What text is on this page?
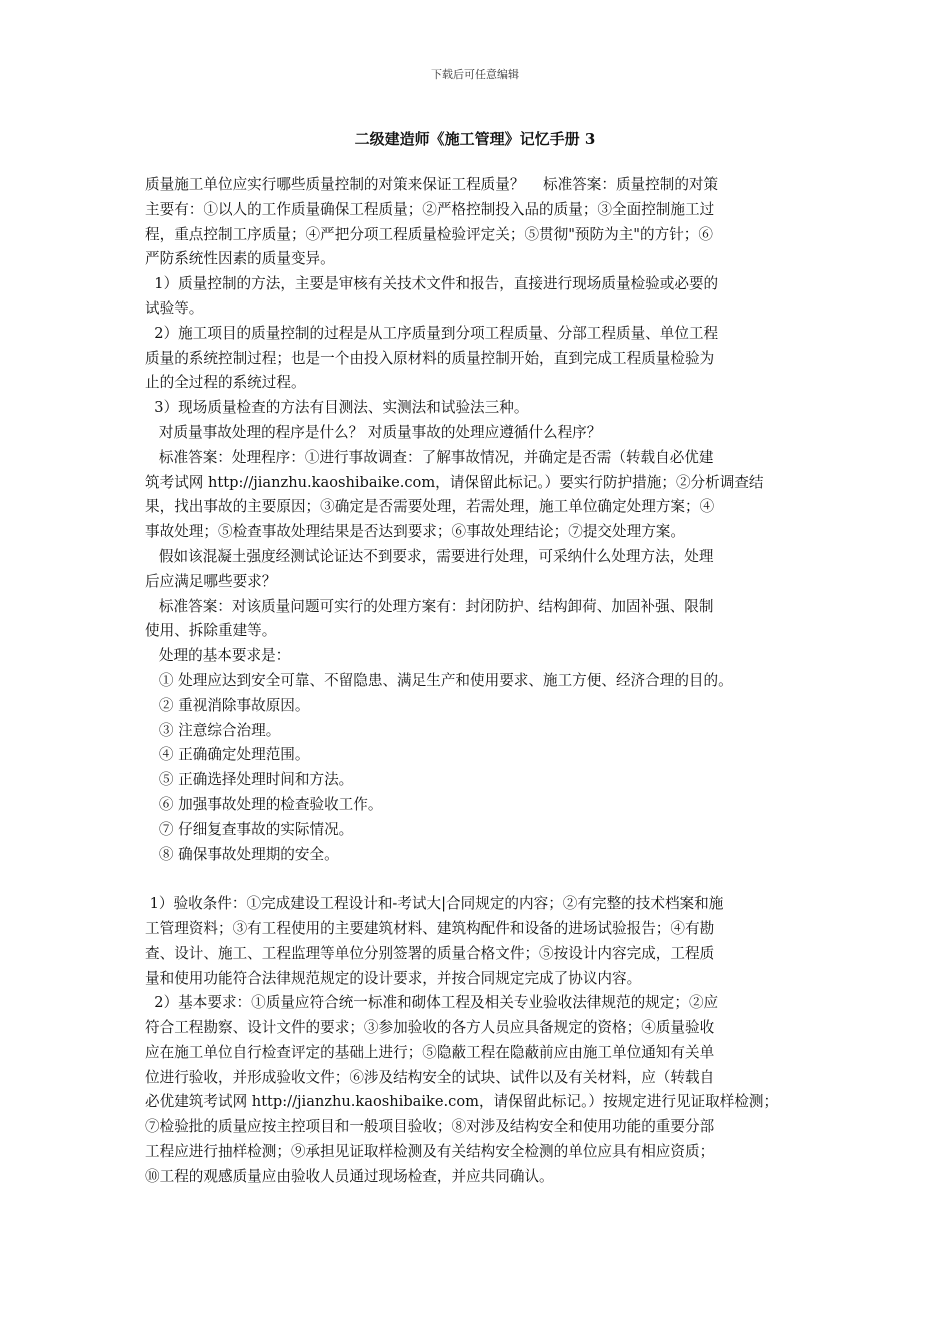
下载后可任意编辑
二级建造师《施工管理》记忆手册 3

质量施工单位应实行哪些质量控制的对策来保证工程质量？    标准答案：质量控制的对策

主要有：①以人的工作质量确保工程质量；②严格控制投入品的质量；③全面控制施工过

程，重点控制工序质量；④严把分项工程质量检验评定关；⑤贯彻"预防为主"的方针；⑥

严防系统性因素的质量变异。

1）质量控制的方法，主要是审核有关技术文件和报告，直接进行现场质量检验或必要的

试验等。

2）施工项目的质量控制的过程是从工序质量到分项工程质量、分部工程质量、单位工程

质量的系统控制过程；也是一个由投入原材料的质量控制开始，直到完成工程质量检验为

止的全过程的系统过程。

3）现场质量检查的方法有目测法、实测法和试验法三种。

对质量事故处理的程序是什么？ 对质量事故的处理应遵循什么程序？

标准答案：处理程序：①进行事故调查：了解事故情况，并确定是否需（转载自必优建

筑考试网 http://jianzhu.kaoshibaike.com，请保留此标记。）要实行防护措施；②分析调查结

果，找出事故的主要原因；③确定是否需要处理，若需处理，施工单位确定处理方案；④

事故处理；⑤检查事故处理结果是否达到要求；⑥事故处理结论；⑦提交处理方案。

假如该混凝土强度经测试论证达不到要求，需要进行处理，可采纳什么处理方法，处理

后应满足哪些要求？

标准答案：对该质量问题可实行的处理方案有：封闭防护、结构卸荷、加固补强、限制

使用、拆除重建等。

处理的基本要求是：

① 处理应达到安全可靠、不留隐患、满足生产和使用要求、施工方便、经济合理的目的。

② 重视消除事故原因。

③ 注意综合治理。

④ 正确确定处理范围。

⑤ 正确选择处理时间和方法。

⑥ 加强事故处理的检查验收工作。

⑦ 仔细复查事故的实际情况。

⑧ 确保事故处理期的安全。

1）验收条件：①完成建设工程设计和-考试大|合同规定的内容；②有完整的技术档案和施

工管理资料；③有工程使用的主要建筑材料、建筑构配件和设备的进场试验报告；④有勘

查、设计、施工、工程监理等单位分别签署的质量合格文件；⑤按设计内容完成，工程质

量和使用功能符合法律规范规定的设计要求，并按合同规定完成了协议内容。

2）基本要求：①质量应符合统一标准和砌体工程及相关专业验收法律规范的规定；②应

符合工程勘察、设计文件的要求；③参加验收的各方人员应具备规定的资格；④质量验收

应在施工单位自行检查评定的基础上进行；⑤隐蔽工程在隐蔽前应由施工单位通知有关单

位进行验收，并形成验收文件；⑥涉及结构安全的试块、试件以及有关材料，应（转载自

必优建筑考试网 http://jianzhu.kaoshibaike.com，请保留此标记。）按规定进行见证取样检测；

⑦检验批的质量应按主控项目和一般项目验收；⑧对涉及结构安全和使用功能的重要分部

工程应进行抽样检测；⑨承担见证取样检测及有关结构安全检测的单位应具有相应资质；

⑩工程的观感质量应由验收人员通过现场检查，并应共同确认。
